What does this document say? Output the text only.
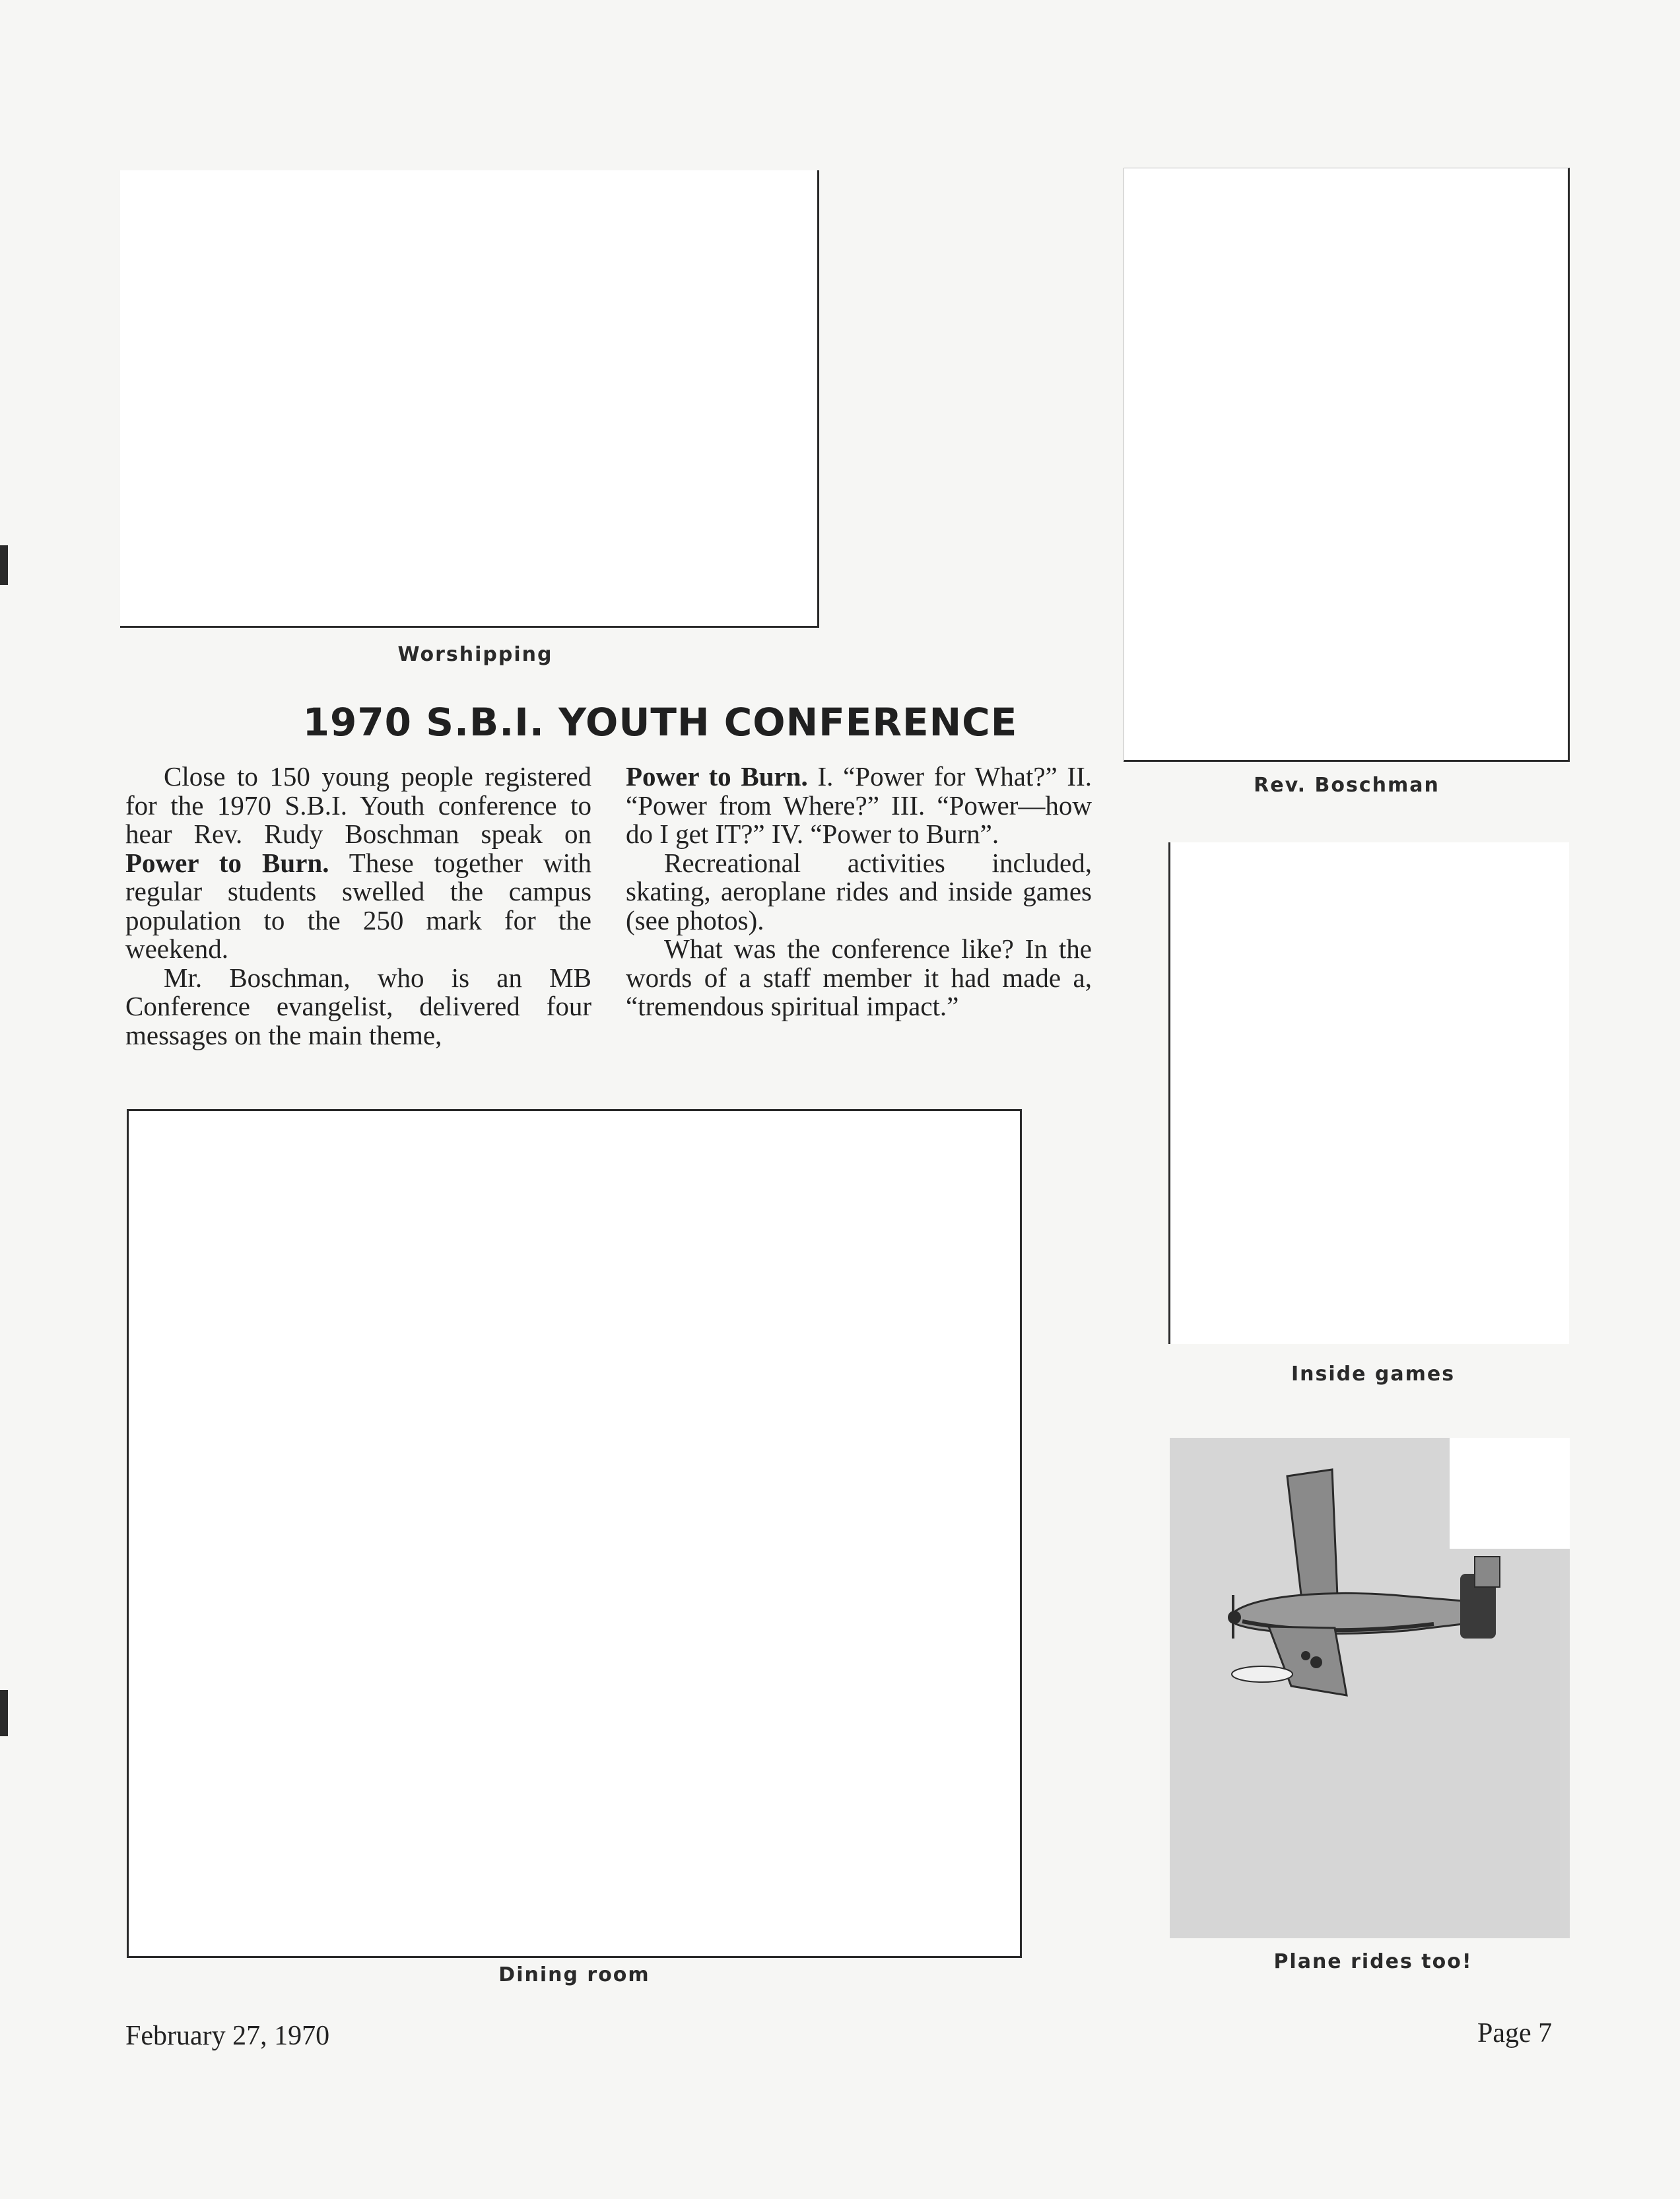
Worshipping
Rev. Boschman
Inside games
Dining room
Plane rides too!
1970 S.B.I. YOUTH CONFERENCE

Close to 150 young people registered for the 1970 S.B.I. Youth conference to hear Rev. Rudy Boschman speak on Power to Burn. These together with regular students swelled the campus population to the 250 mark for the weekend.

Mr. Boschman, who is an MB Conference evangelist, delivered four messages on the main theme,

Power to Burn. I. “Power for What?” II. “Power from Where?” III. “Power—how do I get IT?” IV. “Power to Burn”.

Recreational activities included, skating, aeroplane rides and inside games (see photos).

What was the conference like? In the words of a staff member it had made a, “tremendous spiritual impact.”

February 27, 1970	Page 7
